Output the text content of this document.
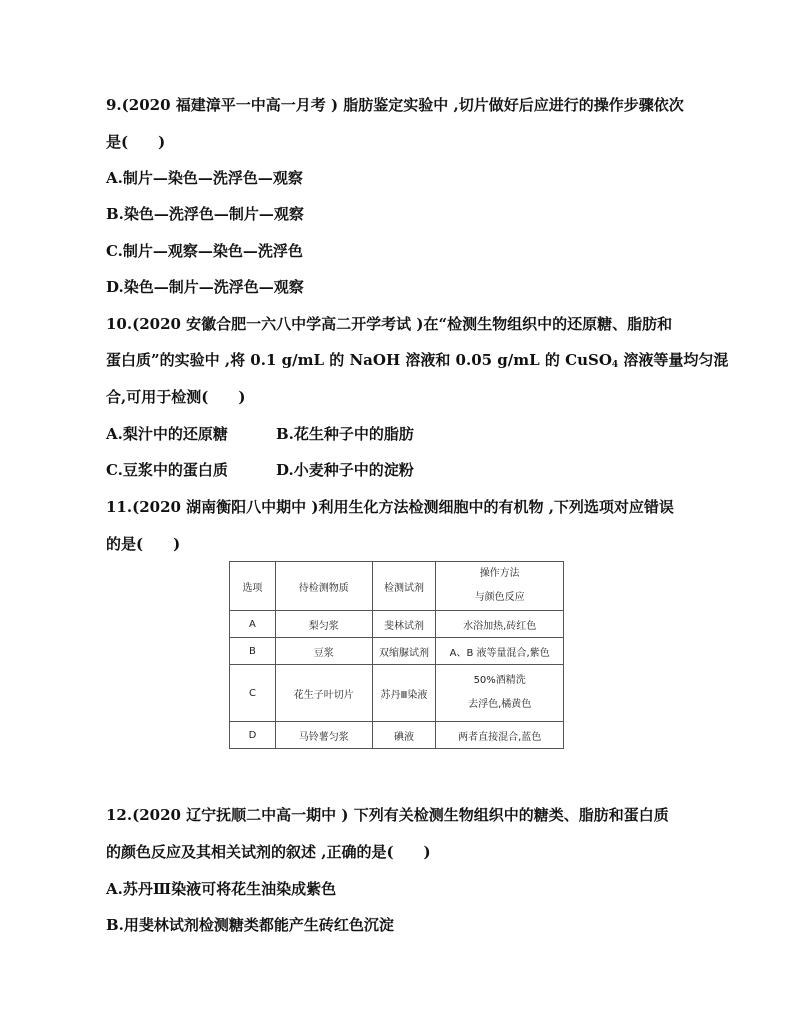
9.(2020 福建漳平一中高一月考 ) 脂肪鉴定实验中 ,切片做好后应进行的操作步骤依次
是(　　)
A.制片—染色—洗浮色—观察
B.染色—洗浮色—制片—观察
C.制片—观察—染色—洗浮色
D.染色—制片—洗浮色—观察
10.(2020 安徽合肥一六八中学高二开学考试 )在“检测生物组织中的还原糖、脂肪和
蛋白质”的实验中 ,将 0.1 g/mL 的 NaOH 溶液和 0.05 g/mL 的 CuSO$_4$ 溶液等量均匀混
合,可用于检测(　　)
A.梨汁中的还原糖	B.花生种子中的脂肪
C.豆浆中的蛋白质	D.小麦种子中的淀粉
11.(2020 湖南衡阳八中期中 )利用生化方法检测细胞中的有机物 ,下列选项对应错误
的是(　　)
选项	待检测物质	检测试剂	操作方法
与颜色反应

A	梨匀浆	斐林试剂	水浴加热,砖红色
B	豆浆	双缩脲试剂	A、B 液等量混合,紫色
C	花生子叶切片	苏丹Ⅲ染液	50%酒精洗
去浮色,橘黄色

D	马铃薯匀浆	碘液	两者直接混合,蓝色
12.(2020 辽宁抚顺二中高一期中 ) 下列有关检测生物组织中的糖类、脂肪和蛋白质
的颜色反应及其相关试剂的叙述 ,正确的是(　　)
A.苏丹Ⅲ染液可将花生油染成紫色
B.用斐林试剂检测糖类都能产生砖红色沉淀
